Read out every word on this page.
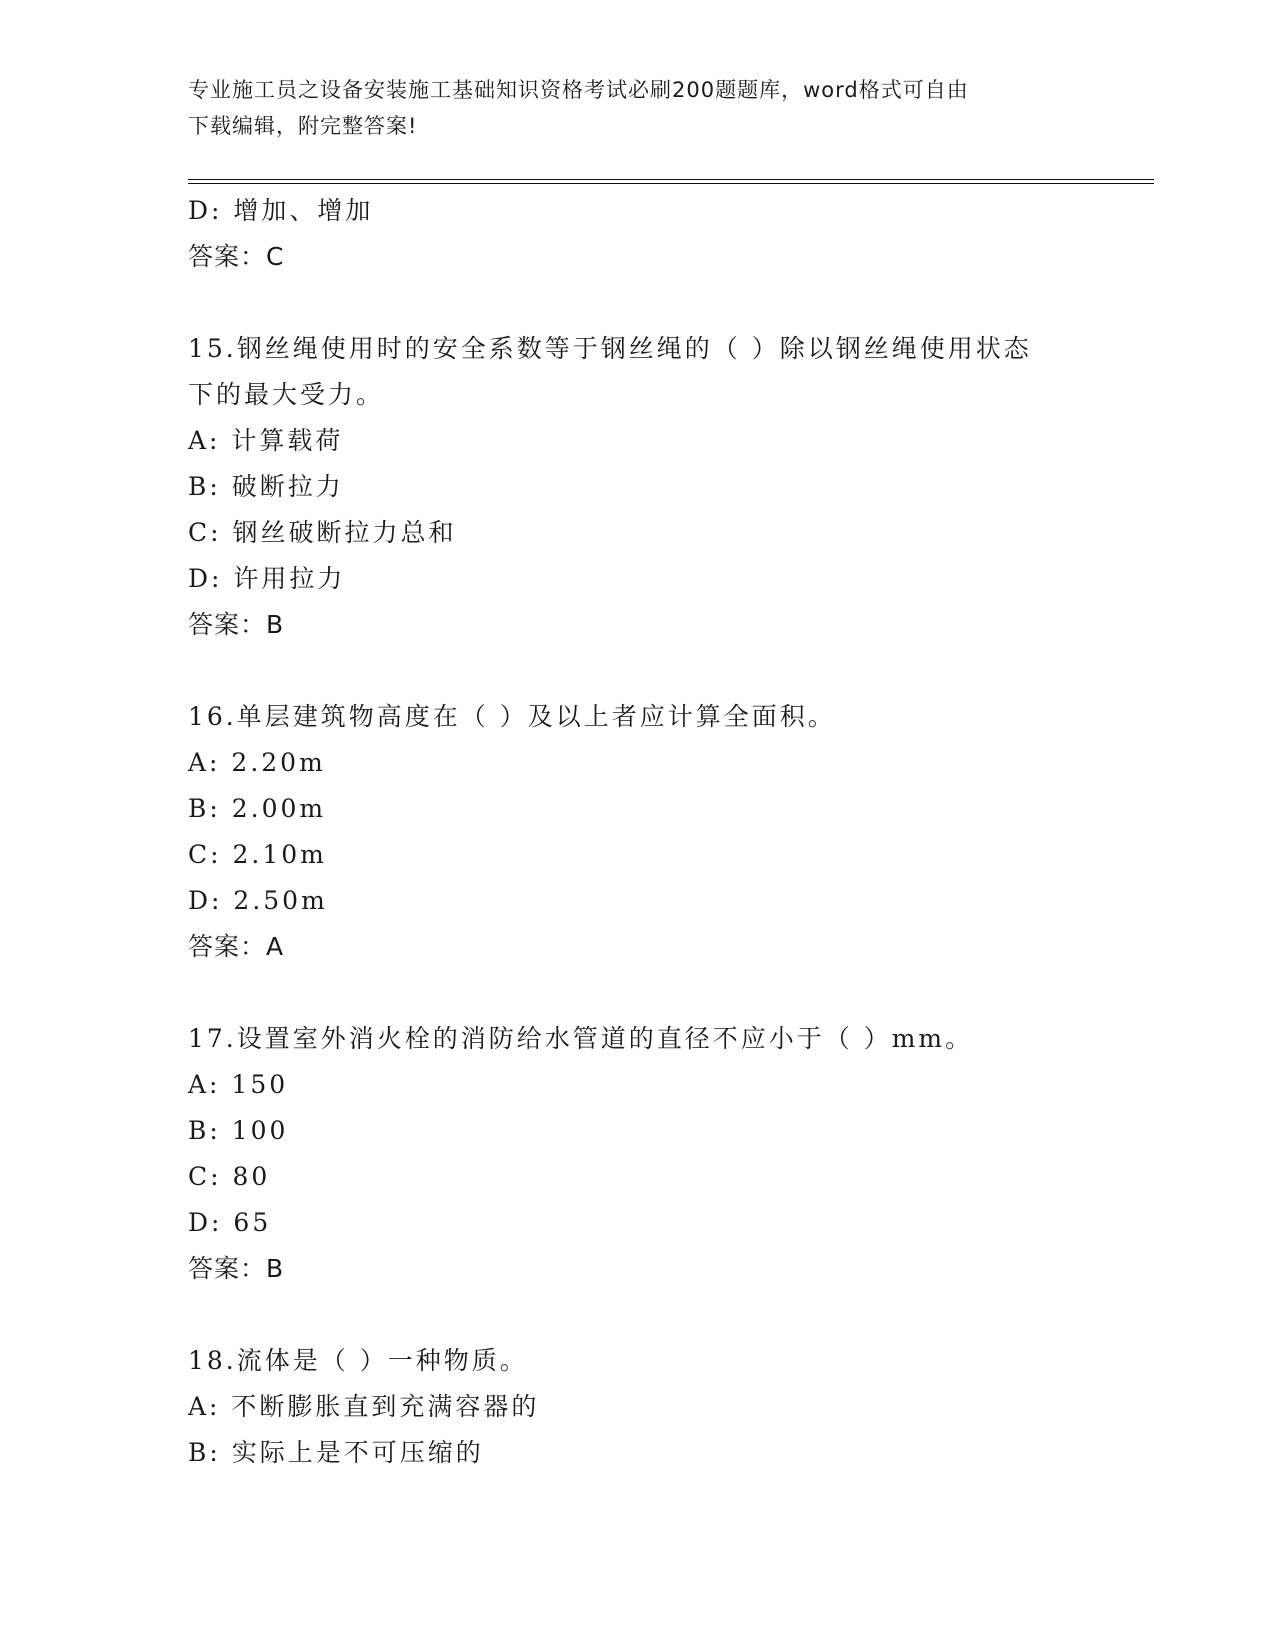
专业施工员之设备安装施工基础知识资格考试必刷200题题库，word格式可自由
下载编辑，附完整答案!
D: 增加、增加
答案：C
15.钢丝绳使用时的安全系数等于钢丝绳的（ ）除以钢丝绳使用状态
下的最大受力。
A: 计算载荷
B: 破断拉力
C: 钢丝破断拉力总和
D: 许用拉力
答案：B
16.单层建筑物高度在（ ）及以上者应计算全面积。
A: 2.20m
B: 2.00m
C: 2.10m
D: 2.50m
答案：A
17.设置室外消火栓的消防给水管道的直径不应小于（ ）mm。
A: 150
B: 100
C: 80
D: 65
答案：B
18.流体是（ ）一种物质。
A: 不断膨胀直到充满容器的
B: 实际上是不可压缩的
